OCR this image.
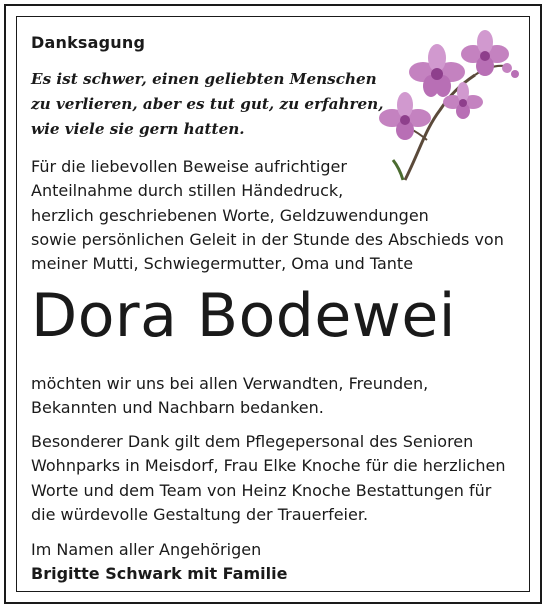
Danksagung
Es ist schwer, einen geliebten Menschen
zu verlieren, aber es tut gut, zu erfahren,
wie viele sie gern hatten.
Für die liebevollen Beweise aufrichtiger
Anteilnahme durch stillen Händedruck,
herzlich geschriebenen Worte, Geldzuwendungen
sowie persönlichen Geleit in der Stunde des Abschieds von
meiner Mutti, Schwiegermutter, Oma und Tante
Dora Bodewei
möchten wir uns bei allen Verwandten, Freunden,
Bekannten und Nachbarn bedanken.
Besonderer Dank gilt dem Pflegepersonal des Senioren
Wohnparks in Meisdorf, Frau Elke Knoche für die herzlichen
Worte und dem Team von Heinz Knoche Bestattungen für
die würdevolle Gestaltung der Trauerfeier.
Im Namen aller Angehörigen
Brigitte Schwark mit Familie
